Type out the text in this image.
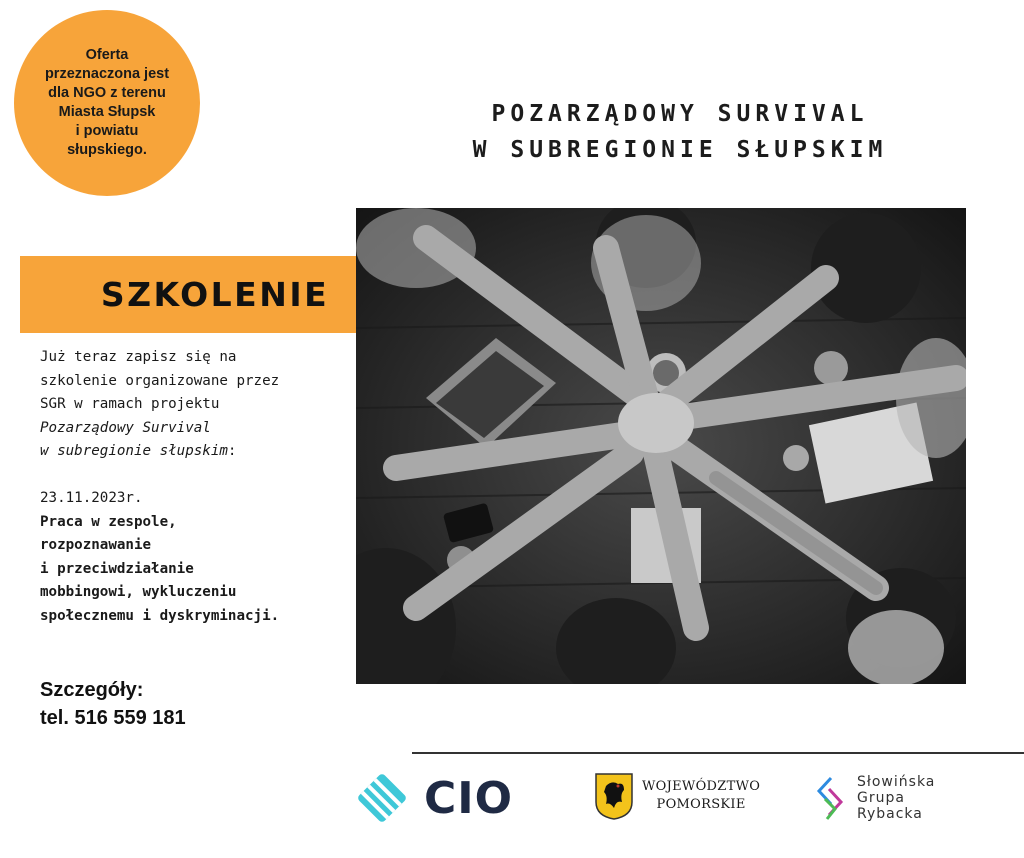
Oferta
przeznaczona jest
dla NGO z terenu
Miasta Słupsk
i powiatu
słupskiego.
POZARZĄDOWY SURVIVAL
W SUBREGIONIE SŁUPSKIM
SZKOLENIE
Już teraz zapisz się na
szkolenie organizowane przez
SGR w ramach projektu
Pozarządowy Survival
w subregionie słupskim:
23.11.2023r.
Praca w zespole,
rozpoznawanie
i przeciwdziałanie
mobbingowi, wykluczeniu
społecznemu i dyskryminacji.
Szczegóły:
tel. 516 559 181
CIO	WOJEWÓDZTWO
POMORSKIE
Słowińska
Grupa
Rybacka
